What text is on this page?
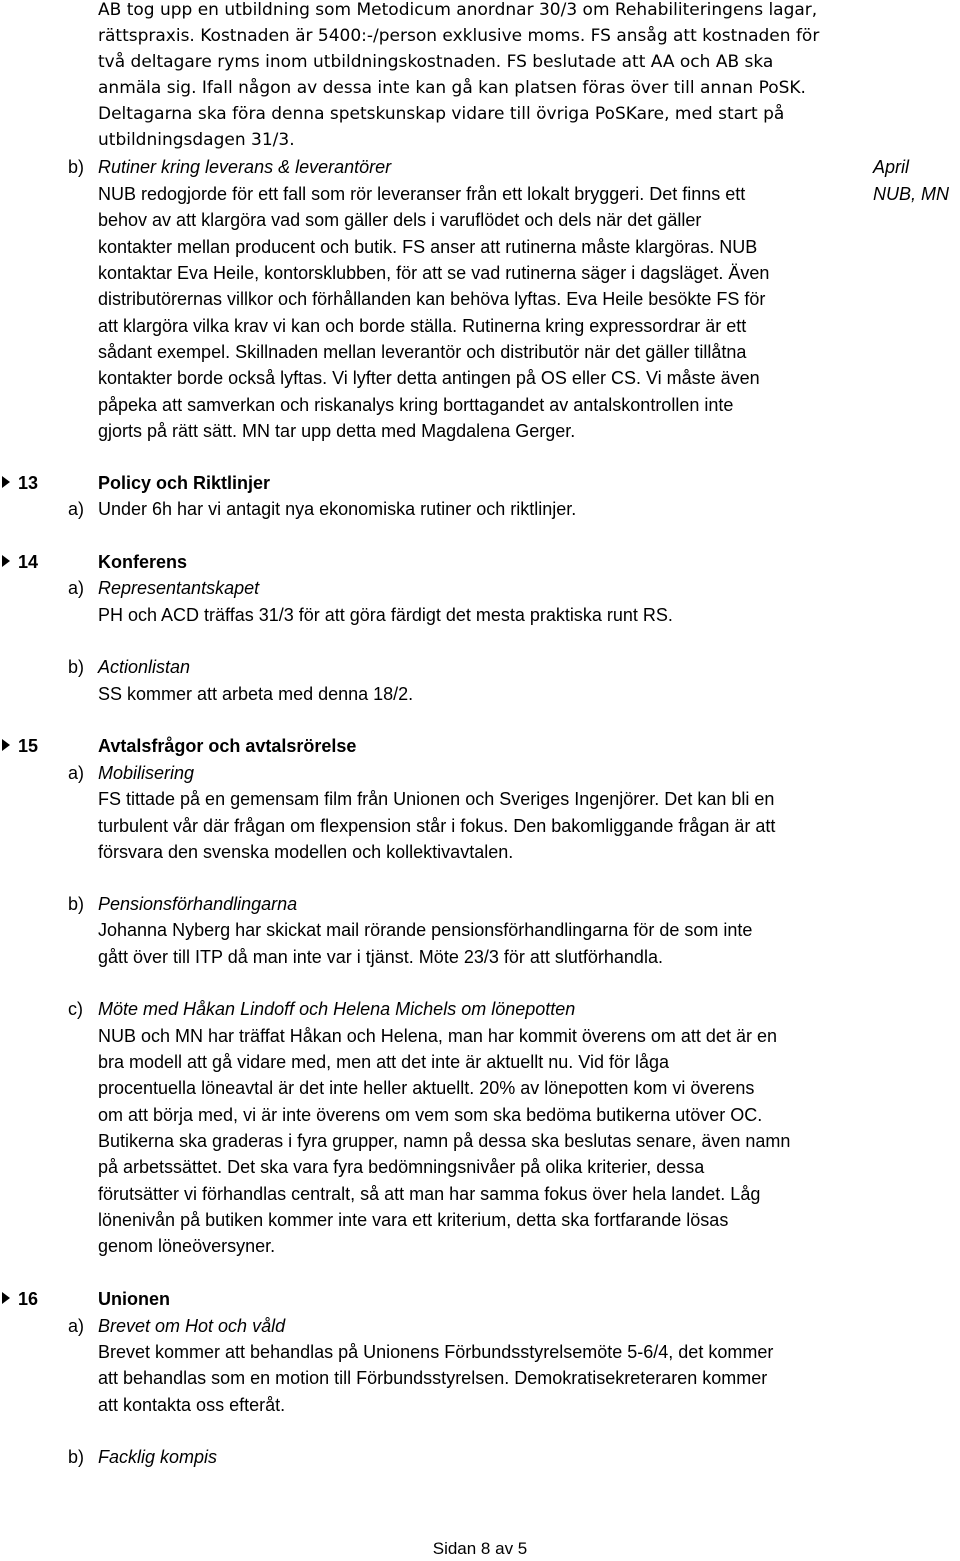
AB tog upp en utbildning som Metodicum anordnar 30/3 om Rehabiliteringens lagar,
rättspraxis. Kostnaden är 5400:-/person exklusive moms. FS ansåg att kostnaden för
två deltagare ryms inom utbildningskostnaden. FS beslutade att AA och AB ska
anmäla sig. Ifall någon av dessa inte kan gå kan platsen föras över till annan PoSK.
Deltagarna ska föra denna spetskunskap vidare till övriga PoSKare, med start på
utbildningsdagen 31/3.
b) Rutiner kring leverans & leverantörer	April
NUB, MN
NUB redogjorde för ett fall som rör leveranser från ett lokalt bryggeri. Det finns ett
behov av att klargöra vad som gäller dels i varuflödet och dels när det gäller
kontakter mellan producent och butik. FS anser att rutinerna måste klargöras. NUB
kontaktar Eva Heile, kontorsklubben, för att se vad rutinerna säger i dagsläget. Även
distributörernas villkor och förhållanden kan behöva lyftas. Eva Heile besökte FS för
att klargöra vilka krav vi kan och borde ställa. Rutinerna kring expressordrar är ett
sådant exempel. Skillnaden mellan leverantör och distributör när det gäller tillåtna
kontakter borde också lyftas. Vi lyfter detta antingen på OS eller CS. Vi måste även
påpeka att samverkan och riskanalys kring borttagandet av antalskontrollen inte
gjorts på rätt sätt. MN tar upp detta med Magdalena Gerger.
13	Policy och Riktlinjer
a) Under 6h har vi antagit nya ekonomiska rutiner och riktlinjer.
14	Konferens
a) Representantskapet
PH och ACD träffas 31/3 för att göra färdigt det mesta praktiska runt RS.
b) Actionlistan
SS kommer att arbeta med denna 18/2.
15	Avtalsfrågor och avtalsrörelse
a) Mobilisering
FS tittade på en gemensam film från Unionen och Sveriges Ingenjörer. Det kan bli en
turbulent vår där frågan om flexpension står i fokus. Den bakomliggande frågan är att
försvara den svenska modellen och kollektivavtalen.
b) Pensionsförhandlingarna
Johanna Nyberg har skickat mail rörande pensionsförhandlingarna för de som inte
gått över till ITP då man inte var i tjänst. Möte 23/3 för att slutförhandla.
c) Möte med Håkan Lindoff och Helena Michels om lönepotten
NUB och MN har träffat Håkan och Helena, man har kommit överens om att det är en
bra modell att gå vidare med, men att det inte är aktuellt nu. Vid för låga
procentuella löneavtal är det inte heller aktuellt. 20% av lönepotten kom vi överens
om att börja med, vi är inte överens om vem som ska bedöma butikerna utöver OC.
Butikerna ska graderas i fyra grupper, namn på dessa ska beslutas senare, även namn
på arbetssättet. Det ska vara fyra bedömningsnivåer på olika kriterier, dessa
förutsätter vi förhandlas centralt, så att man har samma fokus över hela landet. Låg
lönenivån på butiken kommer inte vara ett kriterium, detta ska fortfarande lösas
genom löneöversyner.
16	Unionen
a) Brevet om Hot och våld
Brevet kommer att behandlas på Unionens Förbundsstyrelsemöte 5-6/4, det kommer
att behandlas som en motion till Förbundsstyrelsen. Demokratisekreteraren kommer
att kontakta oss efteråt.
b) Facklig kompis
Sidan 8 av 5
